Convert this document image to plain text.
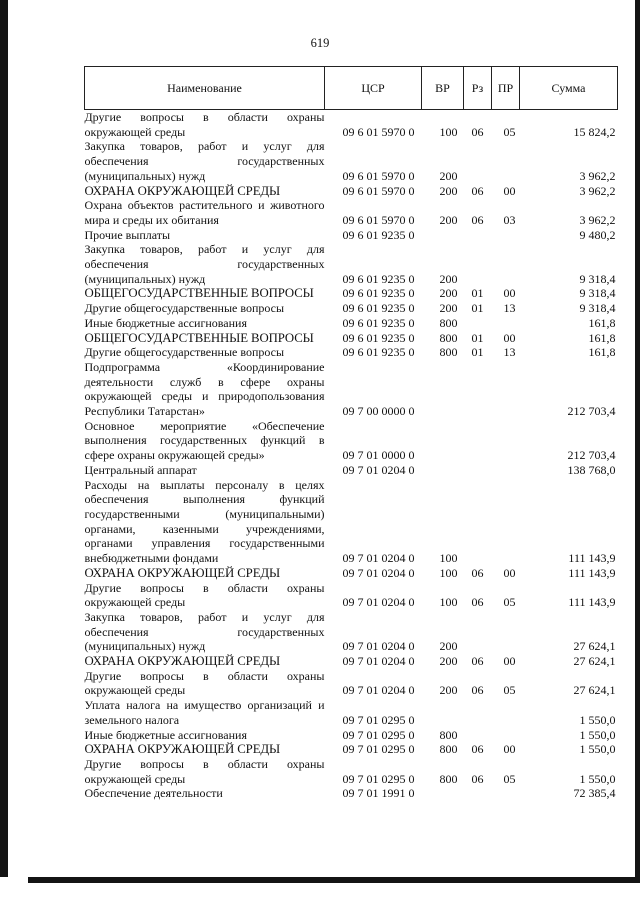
619
Наименование	ЦСР	ВР	Рз	ПР	Сумма
Другие вопросы в области охраны окружающей среды	09 6 01 5970 0	100	06	05	15 824,2
Закупка товаров, работ и услуг для обеспечения государственных (муниципальных) нужд	09 6 01 5970 0	200			3 962,2
ОХРАНА ОКРУЖАЮЩЕЙ СРЕДЫ	09 6 01 5970 0	200	06	00	3 962,2
Охрана объектов растительного и животного мира и среды их обитания	09 6 01 5970 0	200	06	03	3 962,2
Прочие выплаты	09 6 01 9235 0				9 480,2
Закупка товаров, работ и услуг для обеспечения государственных (муниципальных) нужд	09 6 01 9235 0	200			9 318,4
ОБЩЕГОСУДАРСТВЕННЫЕ ВОПРОСЫ	09 6 01 9235 0	200	01	00	9 318,4
Другие общегосударственные вопросы	09 6 01 9235 0	200	01	13	9 318,4
Иные бюджетные ассигнования	09 6 01 9235 0	800			161,8
ОБЩЕГОСУДАРСТВЕННЫЕ ВОПРОСЫ	09 6 01 9235 0	800	01	00	161,8
Другие общегосударственные вопросы	09 6 01 9235 0	800	01	13	161,8
Подпрограмма «Координирование деятельности служб в сфере охраны окружающей среды и природопользования Республики Татарстан»	09 7 00 0000 0				212 703,4
Основное мероприятие «Обеспечение выполнения государственных функций в сфере охраны окружающей среды»	09 7 01 0000 0				212 703,4
Центральный аппарат	09 7 01 0204 0				138 768,0
Расходы на выплаты персоналу в целях обеспечения выполнения функций государственными (муниципальными) органами, казенными учреждениями, органами управления государственными внебюджетными фондами	09 7 01 0204 0	100			111 143,9
ОХРАНА ОКРУЖАЮЩЕЙ СРЕДЫ	09 7 01 0204 0	100	06	00	111 143,9
Другие вопросы в области охраны окружающей среды	09 7 01 0204 0	100	06	05	111 143,9
Закупка товаров, работ и услуг для обеспечения государственных (муниципальных) нужд	09 7 01 0204 0	200			27 624,1
ОХРАНА ОКРУЖАЮЩЕЙ СРЕДЫ	09 7 01 0204 0	200	06	00	27 624,1
Другие вопросы в области охраны окружающей среды	09 7 01 0204 0	200	06	05	27 624,1
Уплата налога на имущество организаций и земельного налога	09 7 01 0295 0				1 550,0
Иные бюджетные ассигнования	09 7 01 0295 0	800			1 550,0
ОХРАНА ОКРУЖАЮЩЕЙ СРЕДЫ	09 7 01 0295 0	800	06	00	1 550,0
Другие вопросы в области охраны окружающей среды	09 7 01 0295 0	800	06	05	1 550,0
Обеспечение деятельности	09 7 01 1991 0				72 385,4
